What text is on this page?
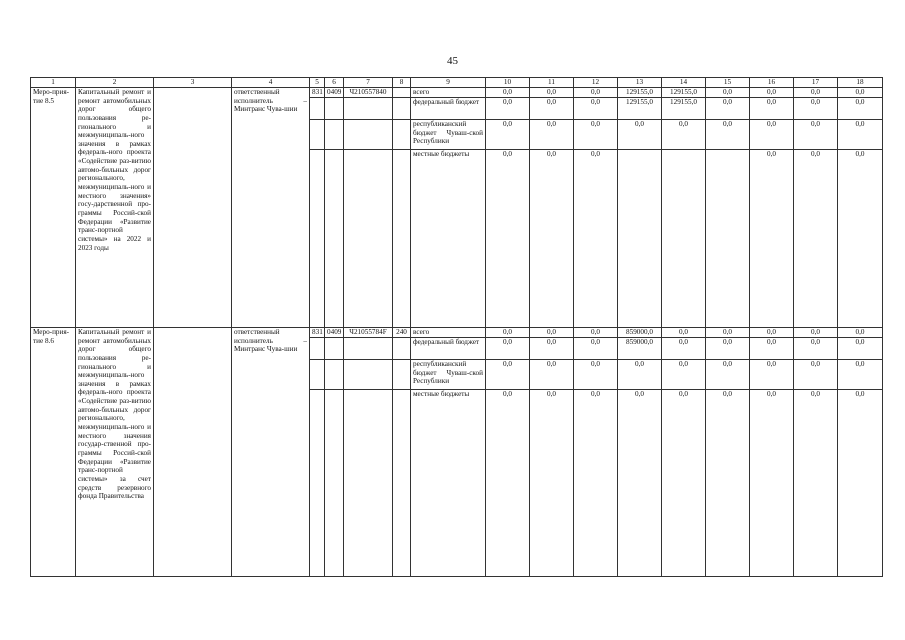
45
1	2	3	4	5	6	7	8	9	10	11	12	13	14	15	16	17	18
Меро-прия-тие 8.5	Капитальный ремонт и ремонт автомобильных дорог общего пользования ре-гионального и межмуниципаль-ного значения в рамках федераль-ного проекта «Содействие раз-витию автомо-бильных дорог регионального, межмуниципаль-ного и местного значения» госу-дарственной про-граммы Россий-ской Федерации «Развитие транс-портной системы» на 2022 и 2023 годы		ответственный исполнитель – Минтранс Чува-шии	831	0409	Ч210557840		всего	0,0	0,0	0,0	129155,0	129155,0	0,0	0,0	0,0	0,0
								федеральный бюджет	0,0	0,0	0,0	129155,0	129155,0	0,0	0,0	0,0	0,0
								республиканский бюджет Чуваш-ской Республики	0,0	0,0	0,0	0,0	0,0	0,0	0,0	0,0	0,0
								местные бюджеты	0,0	0,0	0,0				0,0	0,0	0,0
Меро-прия-тие 8.6	Капитальный ремонт и ремонт автомобильных дорог общего пользования ре-гионального и межмуниципаль-ного значения в рамках федераль-ного проекта «Содействие раз-витию автомо-бильных дорог регионального, межмуниципаль-ного и местного значения государ-ственной про-граммы Россий-ской Федерации «Развитие транс-портной системы» за счет средств резервного фонда Правительства		ответственный исполнитель – Минтранс Чува-шии	831	0409	Ч21055784F	240	всего	0,0	0,0	0,0	859000,0	0,0	0,0	0,0	0,0	0,0
								федеральный бюджет	0,0	0,0	0,0	859000,0	0,0	0,0	0,0	0,0	0,0
								республиканский бюджет Чуваш-ской Республики	0,0	0,0	0,0	0,0	0,0	0,0	0,0	0,0	0,0
								местные бюджеты	0,0	0,0	0,0	0,0	0,0	0,0	0,0	0,0	0,0
